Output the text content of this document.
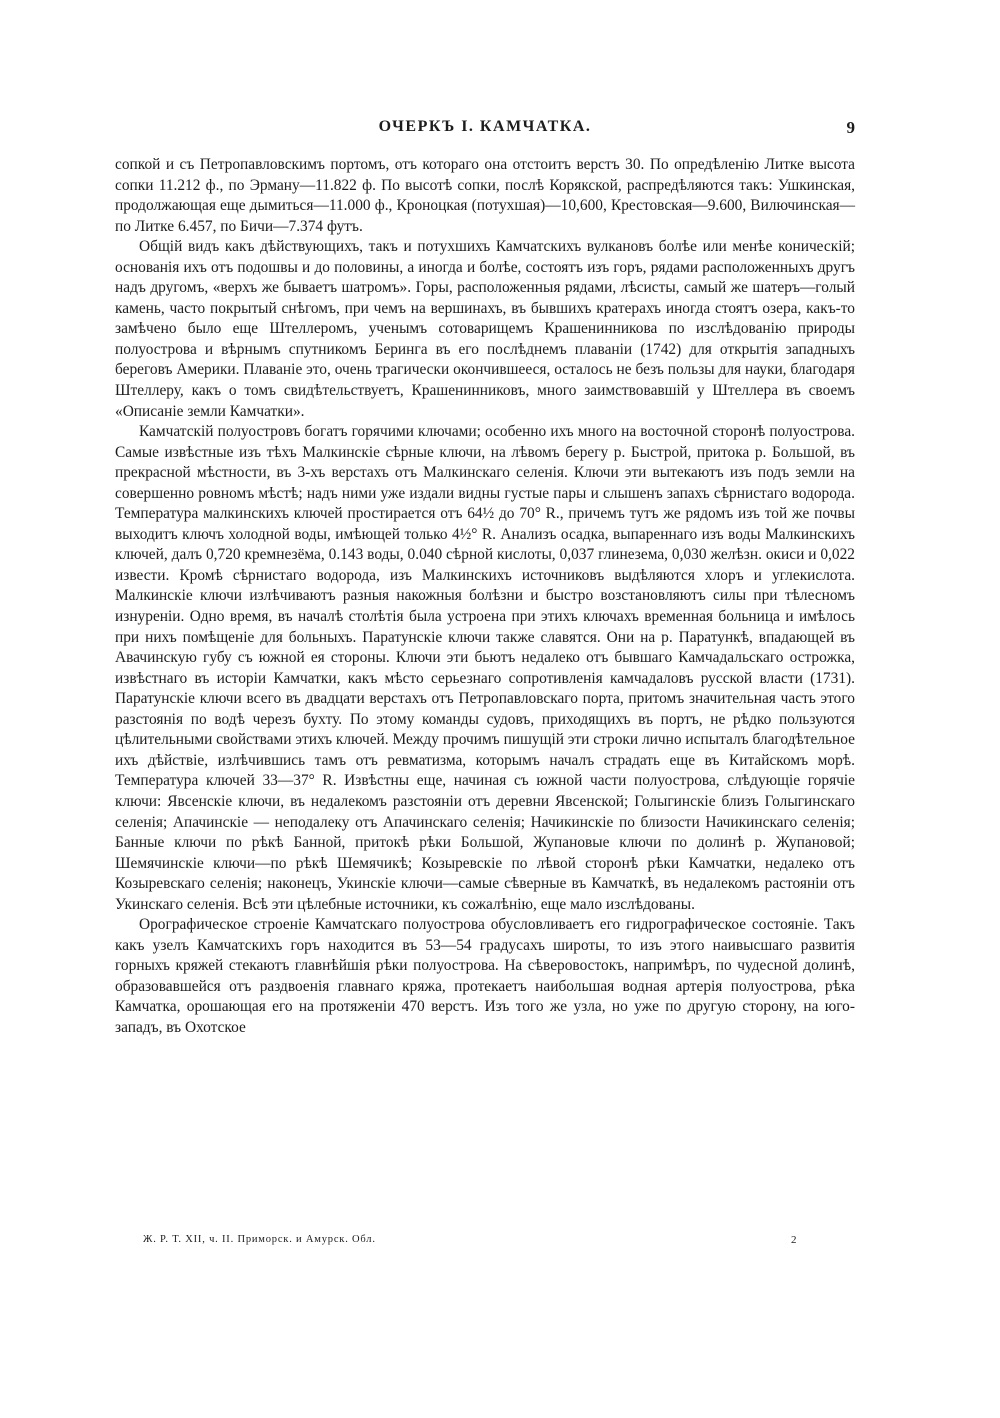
ОЧЕРКЪ I. КАМЧАТКА.	9

сопкой и съ Петропавловскимъ портомъ, отъ котораго она отстоитъ верстъ 30. По опредѣленію Литке высота сопки 11.212 ф., по Эрману—11.822 ф. По высотѣ сопки, послѣ Корякской, распредѣляются такъ: Ушкинская, продолжающая еще дымиться—11.000 ф., Кроноцкая (потухшая)—10,600, Крестовская—9.600, Вилючинская—по Литке 6.457, по Бичи—7.374 футъ.

Общій видъ какъ дѣйствующихъ, такъ и потухшихъ Камчатскихъ вулкановъ болѣе или менѣе коническій; основанія ихъ отъ подошвы и до половины, а иногда и болѣе, состоятъ изъ горъ, рядами расположенныхъ другъ надъ другомъ, «верхъ же бываетъ шатромъ». Горы, расположенныя рядами, лѣсисты, самый же шатеръ—голый камень, часто покрытый снѣгомъ, при чемъ на вершинахъ, въ бывшихъ кратерахъ иногда стоятъ озера, какъ-то замѣчено было еще Штеллеромъ, ученымъ сотоварищемъ Крашенинникова по изслѣдованію природы полуострова и вѣрнымъ спутникомъ Беринга въ его послѣднемъ плаваніи (1742) для открытія западныхъ береговъ Америки. Плаваніе это, очень трагически окончившееся, осталось не безъ пользы для науки, благодаря Штеллеру, какъ о томъ свидѣтельствуетъ, Крашенинниковъ, много заимствовавшій у Штеллера въ своемъ «Описаніе земли Камчатки».

Камчатскій полуостровъ богатъ горячими ключами; особенно ихъ много на восточной сторонѣ полуострова. Самые извѣстные изъ тѣхъ Малкинскіе сѣрные ключи, на лѣвомъ берегу р. Быстрой, притока р. Большой, въ прекрасной мѣстности, въ 3-хъ верстахъ отъ Малкинскаго селенія. Ключи эти вытекаютъ изъ подъ земли на совершенно ровномъ мѣстѣ; надъ ними уже издали видны густые пары и слышенъ запахъ сѣрнистаго водорода. Температура малкинскихъ ключей простирается отъ 64½ до 70° R., причемъ тутъ же рядомъ изъ той же почвы выходитъ ключъ холодной воды, имѣющей только 4½° R. Анализъ осадка, выпареннаго изъ воды Малкинскихъ ключей, далъ 0,720 кремнезёма, 0.143 воды, 0.040 сѣрной кислоты, 0,037 глинезема, 0,030 желѣзн. окиси и 0,022 извести. Кромѣ сѣрнистаго водорода, изъ Малкинскихъ источниковъ выдѣляются хлоръ и углекислота. Малкинскіе ключи излѣчиваютъ разныя накожныя болѣзни и быстро возстановляютъ силы при тѣлесномъ изнуреніи. Одно время, въ началѣ столѣтія была устроена при этихъ ключахъ временная больница и имѣлось при нихъ помѣщеніе для больныхъ. Паратунскіе ключи также славятся. Они на р. Паратункѣ, впадающей въ Авачинскую губу съ южной ея стороны. Ключи эти бьютъ недалеко отъ бывшаго Камчадальскаго острожка, извѣстнаго въ исторіи Камчатки, какъ мѣсто серьезнаго сопротивленія камчадаловъ русской власти (1731). Паратунскіе ключи всего въ двадцати верстахъ отъ Петропавловскаго порта, притомъ значительная часть этого разстоянія по водѣ черезъ бухту. По этому команды судовъ, приходящихъ въ портъ, не рѣдко пользуются цѣлительными свойствами этихъ ключей. Между прочимъ пишущій эти строки лично испыталъ благодѣтельное ихъ дѣйствіе, излѣчившись тамъ отъ ревматизма, которымъ началъ страдать еще въ Китайскомъ морѣ. Температура ключей 33—37° R. Извѣстны еще, начиная съ южной части полуострова, слѣдующіе горячіе ключи: Явсенскіе ключи, въ недалекомъ разстояніи отъ деревни Явсенской; Голыгинскіе близъ Голыгинскаго селенія; Апачинскіе — неподалеку отъ Апачинскаго селенія; Начикинскіе по близости Начикинскаго селенія; Банные ключи по рѣкѣ Банной, притокѣ рѣки Большой, Жупановые ключи по долинѣ р. Жупановой; Шемячинскіе ключи—по рѣкѣ Шемячикѣ; Козыревскіе по лѣвой сторонѣ рѣки Камчатки, недалеко отъ Козыревскаго селенія; наконецъ, Укинскіе ключи—самые сѣверные въ Камчаткѣ, въ недалекомъ растояніи отъ Укинскаго селенія. Всѣ эти цѣлебные источники, къ сожалѣнію, еще мало изслѣдованы.

Орографическое строеніе Камчатскаго полуострова обусловливаетъ его гидрографическое состояніе. Такъ какъ узелъ Камчатскихъ горъ находится въ 53—54 градусахъ широты, то изъ этого наивысшаго развитія горныхъ кряжей стекаютъ главнѣйшія рѣки полуострова. На сѣверовостокъ, напримѣръ, по чудесной долинѣ, образовавшейся отъ раздвоенія главнаго кряжа, протекаетъ наибольшая водная артерія полуострова, рѣка Камчатка, орошающая его на протяженіи 470 верстъ. Изъ того же узла, но уже по другую сторону, на юго-западъ, въ Охотское

Ж. Р. Т. XII, ч. II. Приморск. и Амурск. Обл.	2
